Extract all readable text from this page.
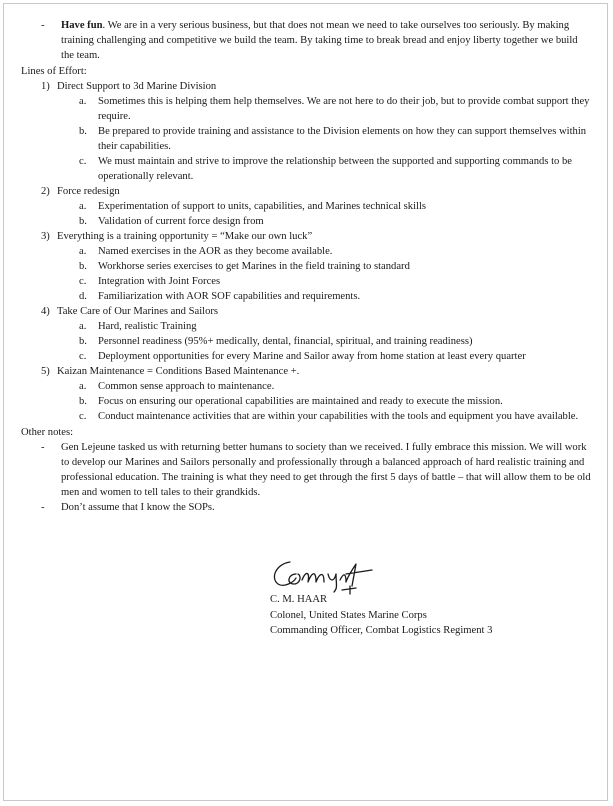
- Have fun. We are in a very serious business, but that does not mean we need to take ourselves too seriously. By making training challenging and competitive we build the team. By taking time to break bread and enjoy liberty together we build the team.
Lines of Effort:
1) Direct Support to 3d Marine Division
a. Sometimes this is helping them help themselves. We are not here to do their job, but to provide combat support they require.
b. Be prepared to provide training and assistance to the Division elements on how they can support themselves within their capabilities.
c. We must maintain and strive to improve the relationship between the supported and supporting commands to be operationally relevant.
2) Force redesign
a. Experimentation of support to units, capabilities, and Marines technical skills
b. Validation of current force design from
3) Everything is a training opportunity = “Make our own luck”
a. Named exercises in the AOR as they become available.
b. Workhorse series exercises to get Marines in the field training to standard
c. Integration with Joint Forces
d. Familiarization with AOR SOF capabilities and requirements.
4) Take Care of Our Marines and Sailors
a. Hard, realistic Training
b. Personnel readiness (95%+ medically, dental, financial, spiritual, and training readiness)
c. Deployment opportunities for every Marine and Sailor away from home station at least every quarter
5) Kaizan Maintenance = Conditions Based Maintenance +.
a. Common sense approach to maintenance.
b. Focus on ensuring our operational capabilities are maintained and ready to execute the mission.
c. Conduct maintenance activities that are within your capabilities with the tools and equipment you have available.
Other notes:
- Gen Lejeune tasked us with returning better humans to society than we received. I fully embrace this mission. We will work to develop our Marines and Sailors personally and professionally through a balanced approach of hard realistic training and professional education. The training is what they need to get through the first 5 days of battle – that will allow them to be old men and women to tell tales to their grandkids.
- Don’t assume that I know the SOPs.
C. M. HAAR
Colonel, United States Marine Corps
Commanding Officer, Combat Logistics Regiment 3
